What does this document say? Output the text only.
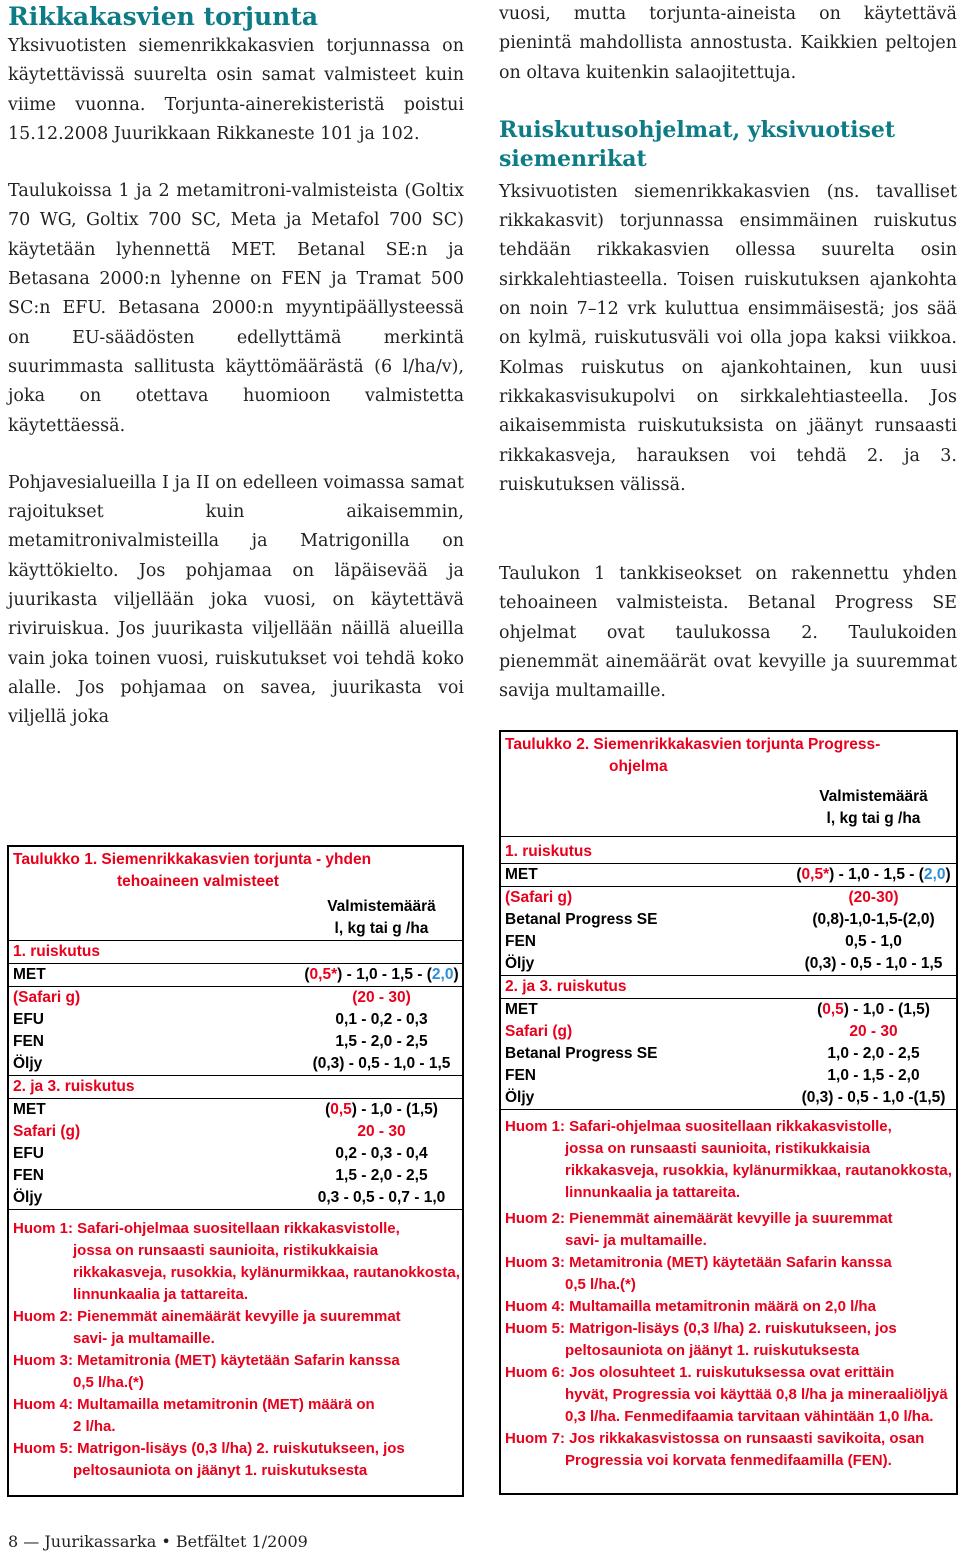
Rikkakasvien torjunta

Yksivuotisten siemenrikkakasvien torjunnassa on käytettävissä suurelta osin samat valmisteet kuin viime vuonna. Torjunta-ainerekisteristä poistui 15.12.2008 Juurikkaan Rikkaneste 101 ja 102.

Taulukoissa 1 ja 2 metamitroni-valmisteista (Goltix 70 WG, Goltix 700 SC, Meta ja Metafol 700 SC) käytetään lyhennettä MET. Betanal SE:n ja Betasana 2000:n lyhenne on FEN ja Tramat 500 SC:n EFU. Betasana 2000:n myyntipäällysteessä on EU-säädösten edellyttämä merkintä suurimmasta sallitusta käyttömäärästä (6 l/ha/v), joka on otettava huomioon valmistetta käytettäessä.

Pohjavesialueilla I ja II on edelleen voimassa samat rajoitukset kuin aikaisemmin, metamitronivalmisteilla ja Matrigonilla on käyttökielto. Jos pohjamaa on läpäisevää ja juurikasta viljellään joka vuosi, on käytettävä riviruiskua. Jos juurikasta viljellään näillä alueilla vain joka toinen vuosi, ruiskutukset voi tehdä koko alalle. Jos pohjamaa on savea, juurikasta voi viljellä joka

vuosi, mutta torjunta-aineista on käytettävä pienintä mahdollista annostusta. Kaikkien peltojen on oltava kuitenkin salaojitettuja.

Ruiskutusohjelmat, yksivuotiset siemenrikat

Yksivuotisten siemenrikkakasvien (ns. tavalliset rikkakasvit) torjunnassa ensimmäinen ruiskutus tehdään rikkakasvien ollessa suurelta osin sirkkalehtiasteella. Toisen ruiskutuksen ajankohta on noin 7–12 vrk kuluttua ensimmäisestä; jos sää on kylmä, ruiskutusväli voi olla jopa kaksi viikkoa. Kolmas ruiskutus on ajankohtainen, kun uusi rikkakasvisukupolvi on sirkkalehtiasteella. Jos aikaisemmista ruiskutuksista on jäänyt runsaasti rikkakasveja, harauksen voi tehdä 2. ja 3. ruiskutuksen välissä.

Taulukon 1 tankkiseokset on rakennettu yhden tehoaineen valmisteista. Betanal Progress SE ohjelmat ovat taulukossa 2. Taulukoiden pienemmät ainemäärät ovat kevyille ja suuremmat savija multamaille.

Taulukko 1. Siemenrikkakasvien torjunta - yhden
tehoaineen valmisteet
Valmistemäärä
l, kg tai g /ha
1. ruiskutus
MET	(0,5*) - 1,0 - 1,5 - (2,0)
(Safari g)	(20 - 30)
EFU	0,1 - 0,2 - 0,3
FEN	1,5 - 2,0 - 2,5
Öljy	(0,3) - 0,5 - 1,0 - 1,5
2. ja 3. ruiskutus
MET	(0,5) - 1,0 - (1,5)
Safari (g)	20 - 30
EFU	0,2 - 0,3 - 0,4
FEN	1,5 - 2,0 - 2,5
Öljy	0,3 - 0,5 - 0,7 - 1,0
Huom 1: Safari-ohjelmaa suositellaan rikkakasvistolle,
jossa on runsaasti saunioita, ristikukkaisia rikkakasveja, rusokkia, kylänurmikkaa, rautanokkosta, linnunkaalia ja tattareita.
Huom 2: Pienemmät ainemäärät kevyille ja suuremmat
savi- ja multamaille.
Huom 3: Metamitronia (MET) käytetään Safarin kanssa
0,5 l/ha.(*)
Huom 4: Multamailla metamitronin (MET) määrä on
2 l/ha.
Huom 5: Matrigon-lisäys (0,3 l/ha) 2. ruiskutukseen, jos
peltosauniota on jäänyt 1. ruiskutuksesta
Taulukko 2. Siemenrikkakasvien torjunta Progress-
ohjelma
Valmistemäärä
l, kg tai g /ha
1. ruiskutus
MET	(0,5*) - 1,0 - 1,5 - (2,0)
(Safari g)	(20-30)
Betanal Progress SE	(0,8)-1,0-1,5-(2,0)
FEN	0,5 - 1,0
Öljy	(0,3) - 0,5 - 1,0 - 1,5
2. ja 3. ruiskutus
MET	(0,5) - 1,0 - (1,5)
Safari (g)	20 - 30
Betanal Progress SE	1,0 - 2,0 - 2,5
FEN	1,0 - 1,5 - 2,0
Öljy	(0,3) - 0,5 - 1,0 -(1,5)
Huom 1: Safari-ohjelmaa suositellaan rikkakasvistolle,
jossa on runsaasti saunioita, ristikukkaisia rikkakasveja, rusokkia, kylänurmikkaa, rautanokkosta, linnunkaalia ja tattareita.
Huom 2: Pienemmät ainemäärät kevyille ja suuremmat
savi- ja multamaille.
Huom 3: Metamitronia (MET) käytetään Safarin kanssa
0,5 l/ha.(*)
Huom 4: Multamailla metamitronin määrä on 2,0 l/ha
Huom 5: Matrigon-lisäys (0,3 l/ha) 2. ruiskutukseen, jos
peltosauniota on jäänyt 1. ruiskutuksesta
Huom 6: Jos olosuhteet 1. ruiskutuksessa ovat erittäin
hyvät, Progressia voi käyttää 0,8 l/ha ja mineraaliöljyä 0,3 l/ha. Fenmedifaamia tarvitaan vähintään 1,0 l/ha.
Huom 7: Jos rikkakasvistossa on runsaasti savikoita, osan
Progressia voi korvata fenmedifaamilla (FEN).
8 — Juurikassarka • Betfältet 1/2009
